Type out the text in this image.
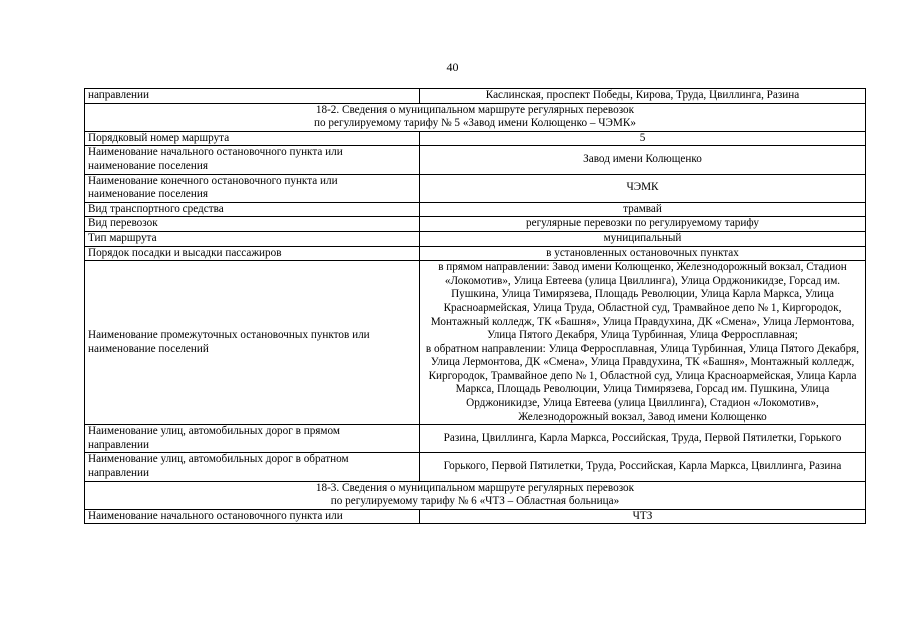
40
направлении	Каслинская, проспект Победы, Кирова, Труда, Цвиллинга, Разина

18-2. Сведения о муниципальном маршруте регулярных перевозок
по регулируемому тарифу № 5 «Завод имени Колющенко – ЧЭМК»	

Порядковый номер маршрута	5

Наименование начального остановочного пункта или
наименование поселения	Завод имени Колющенко

Наименование конечного остановочного пункта или
наименование поселения	ЧЭМК
Вид транспортного средства	трамвай
Вид перевозок	регулярные перевозки по регулируемому тарифу
Тип маршрута	муниципальный
Порядок посадки и высадки пассажиров	в установленных остановочных пунктах

Наименование промежуточных остановочных пунктов или
наименование поселений	в прямом направлении: Завод имени Колющенко, Железнодорожный вокзал, Стадион «Локомотив», Улица Евтеева (улица Цвиллинга), Улица Орджоникидзе, Горсад им. Пушкина, Улица Тимирязева, Площадь Революции, Улица Карла Маркса, Улица Красноармейская, Улица Труда, Областной суд, Трамвайное депо № 1, Киргородок, Монтажный колледж, ТК «Башня», Улица Правдухина, ДК «Смена», Улица Лермонтова, Улица Пятого Декабря, Улица Турбинная, Улица Ферросплавная;
в обратном направлении: Улица Ферросплавная, Улица Турбинная, Улица Пятого Декабря, Улица Лермонтова, ДК «Смена», Улица Правдухина, ТК «Башня», Монтажный колледж, Киргородок, Трамвайное депо № 1, Областной суд, Улица Красноармейская, Улица Карла Маркса, Площадь Революции, Улица Тимирязева, Горсад им. Пушкина, Улица Орджоникидзе, Улица Евтеева (улица Цвиллинга), Стадион «Локомотив», Железнодорожный вокзал, Завод имени Колющенко

Наименование улиц, автомобильных дорог в прямом
направлении	Разина, Цвиллинга, Карла Маркса, Российская, Труда, Первой Пятилетки, Горького

Наименование улиц, автомобильных дорог в обратном
направлении	Горького, Первой Пятилетки, Труда, Российская, Карла Маркса, Цвиллинга, Разина

18-3. Сведения о муниципальном маршруте регулярных перевозок
по регулируемому тарифу № 6 «ЧТЗ – Областная больница»	

Наименование начального остановочного пункта или	ЧТЗ
